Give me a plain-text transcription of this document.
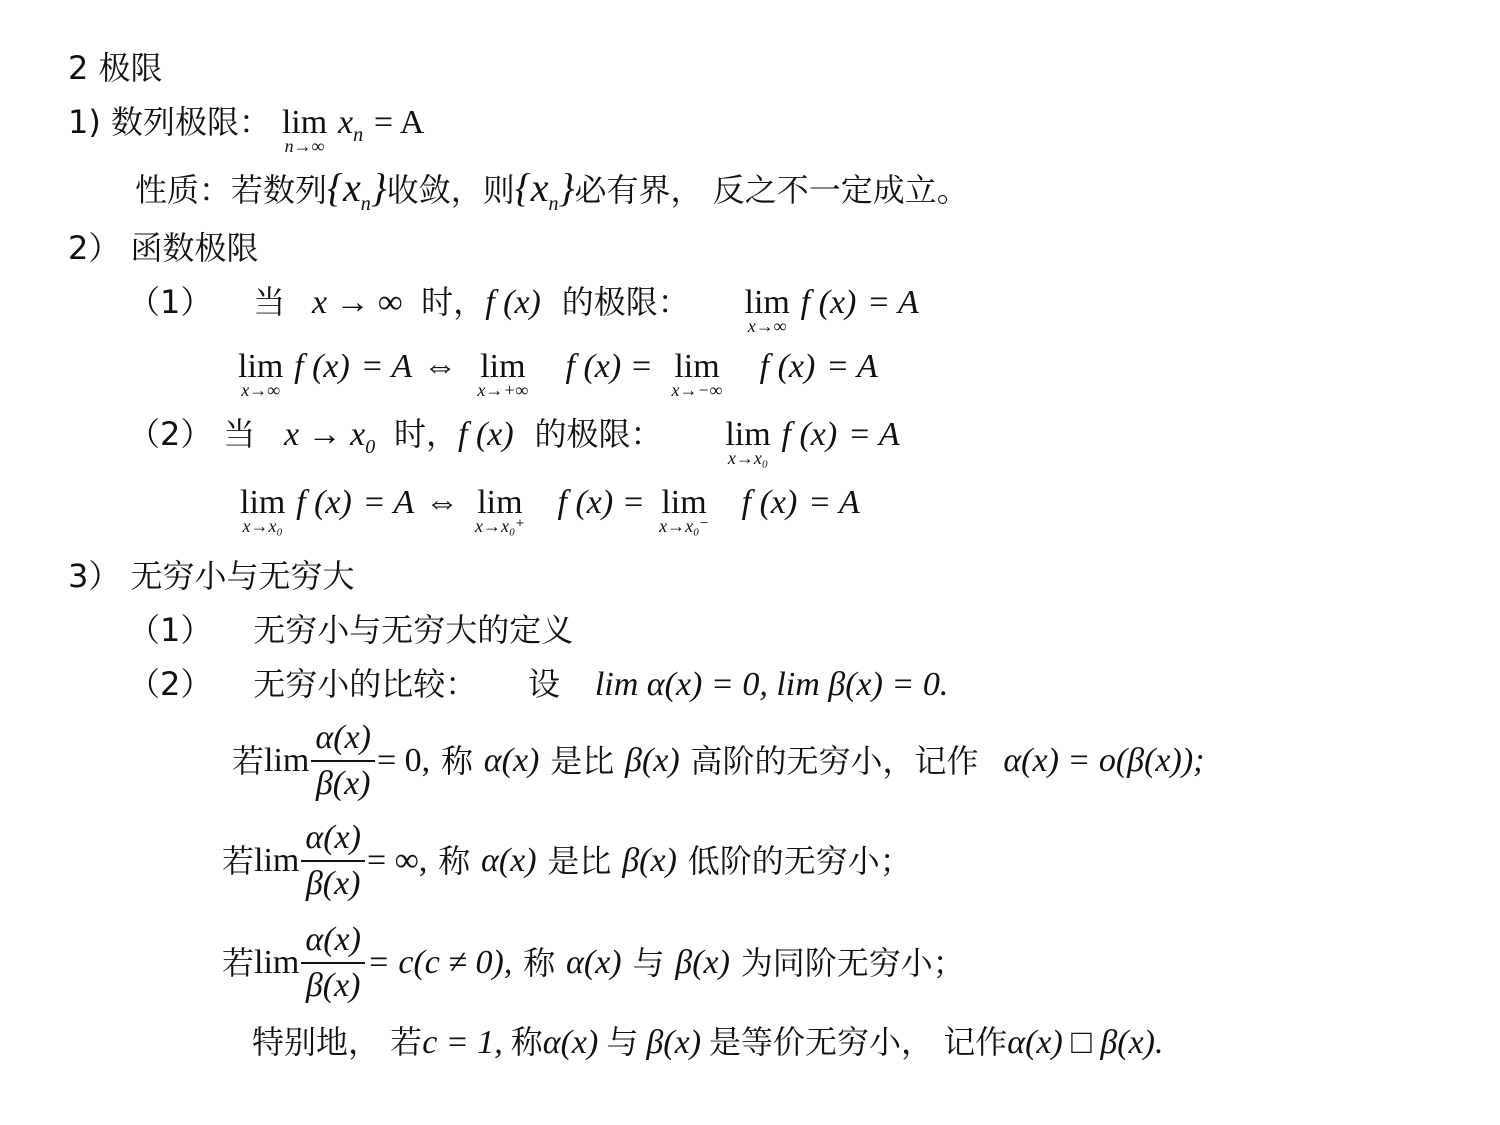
2 极限
1) 数列极限： lim
n→∞
$x_n = A$
性质：若数列$\{x_n\}$收敛，则$\{x_n\}$必有界， 反之不一定成立。
2） 函数极限
（1） 当 x → ∞ 时，f (x) 的极限： lim
x→∞
f (x) = A
lim
x→∞
f (x) = A ⇔ lim
x→+∞
f (x) = lim
x→−∞
f (x) = A
（2） 当 $x \to x_0$ 时，f (x) 的极限： lim
x→x₀
f (x) = A
lim
x→x₀
f (x) = A ⇔ lim
x→x₀⁺
f (x) = lim
x→x₀⁻
f (x) = A
3） 无穷小与无穷大
（1） 无穷小与无穷大的定义
（2） 无穷小的比较： 设 lim α(x) = 0, lim β(x) = 0.
若$\lim \frac{\alpha(x)}{\beta(x)} = 0$, 称 α(x) 是比 β(x) 高阶的无穷小，记作 α(x) = o(β(x));
若$\lim \frac{\alpha(x)}{\beta(x)}$ = ∞, 称 α(x) 是比 β(x) 低阶的无穷小；
若$\lim \frac{\alpha(x)}{\beta(x)} = c(c \ne 0)$, 称 α(x) 与 β(x) 为同阶无穷小；
特别地， 若c = 1, 称α(x) 与 β(x) 是等价无穷小， 记作α(x) □ β(x).
